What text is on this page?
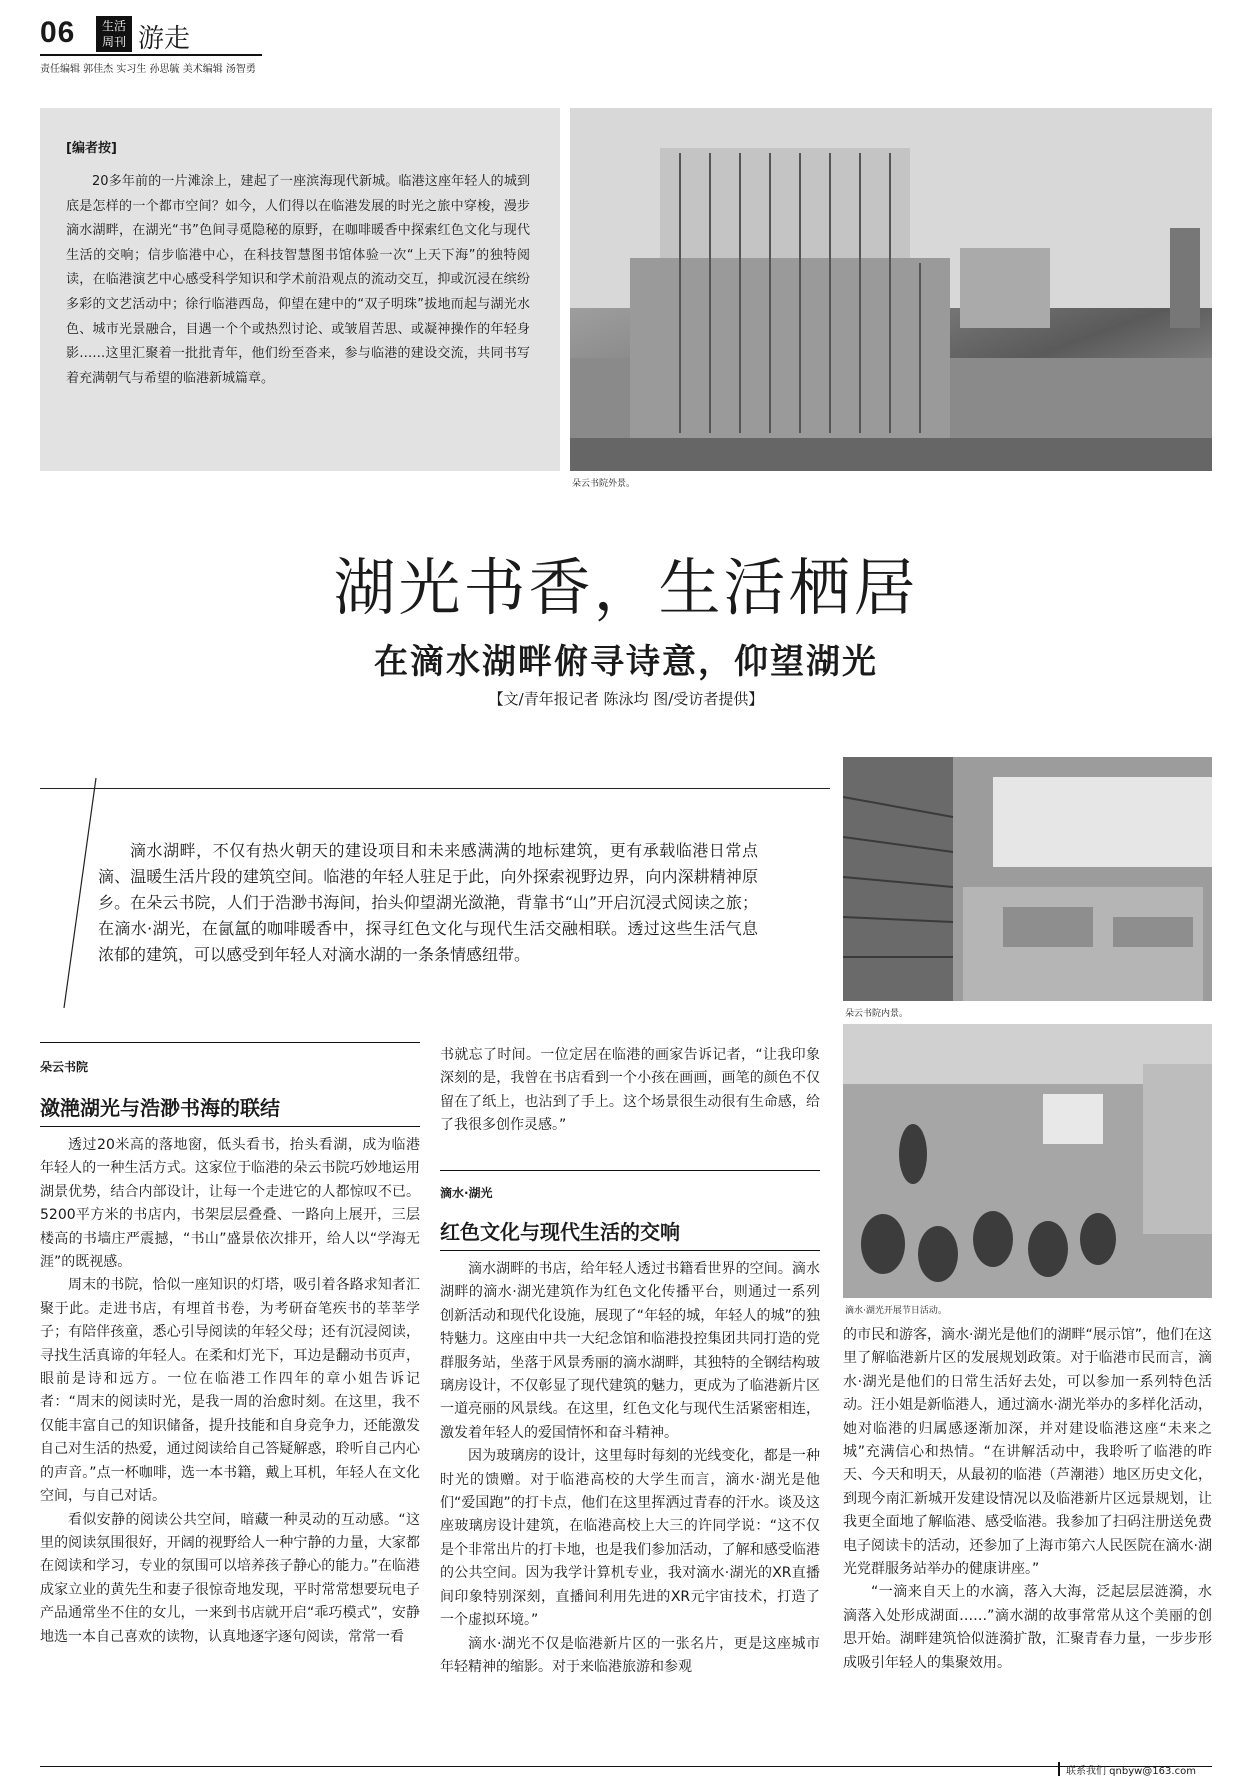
06	生活周刊 游走
责任编辑 郭佳杰 实习生 孙思毓 美术编辑 汤智勇
[编者按]
20多年前的一片滩涂上，建起了一座滨海现代新城。临港这座年轻人的城到底是怎样的一个都市空间？如今，人们得以在临港发展的时光之旅中穿梭，漫步滴水湖畔，在湖光“书”色间寻觅隐秘的原野，在咖啡暖香中探索红色文化与现代生活的交响；信步临港中心，在科技智慧图书馆体验一次“上天下海”的独特阅读，在临港演艺中心感受科学知识和学术前沿观点的流动交互，抑或沉浸在缤纷多彩的文艺活动中；徐行临港西岛，仰望在建中的“双子明珠”拔地而起与湖光水色、城市光景融合，目遇一个个或热烈讨论、或皱眉苦思、或凝神操作的年轻身影……这里汇聚着一批批青年，他们纷至沓来，参与临港的建设交流，共同书写着充满朝气与希望的临港新城篇章。
朵云书院外景。
湖光书香，生活栖居
在滴水湖畔俯寻诗意，仰望湖光
【文/青年报记者 陈泳均 图/受访者提供】
滴水湖畔，不仅有热火朝天的建设项目和未来感满满的地标建筑，更有承载临港日常点滴、温暖生活片段的建筑空间。临港的年轻人驻足于此，向外探索视野边界，向内深耕精神原乡。在朵云书院，人们于浩渺书海间，抬头仰望湖光潋滟，背靠书“山”开启沉浸式阅读之旅；在滴水·湖光，在氤氲的咖啡暖香中，探寻红色文化与现代生活交融相联。透过这些生活气息浓郁的建筑，可以感受到年轻人对滴水湖的一条条情感纽带。
朵云书院内景。
滴水·湖光开展节日活动。
朵云书院
潋滟湖光与浩渺书海的联结

透过20米高的落地窗，低头看书，抬头看湖，成为临港年轻人的一种生活方式。这家位于临港的朵云书院巧妙地运用湖景优势，结合内部设计，让每一个走进它的人都惊叹不已。5200平方米的书店内，书架层层叠叠、一路向上展开，三层楼高的书墙庄严震撼，“书山”盛景依次排开，给人以“学海无涯”的既视感。

周末的书院，恰似一座知识的灯塔，吸引着各路求知者汇聚于此。走进书店，有埋首书卷，为考研奋笔疾书的莘莘学子；有陪伴孩童，悉心引导阅读的年轻父母；还有沉浸阅读，寻找生活真谛的年轻人。在柔和灯光下，耳边是翻动书页声，眼前是诗和远方。一位在临港工作四年的章小姐告诉记者：“周末的阅读时光，是我一周的治愈时刻。在这里，我不仅能丰富自己的知识储备，提升技能和自身竞争力，还能激发自己对生活的热爱，通过阅读给自己答疑解惑，聆听自己内心的声音。”点一杯咖啡，选一本书籍，戴上耳机，年轻人在文化空间，与自己对话。

看似安静的阅读公共空间，暗藏一种灵动的互动感。“这里的阅读氛围很好，开阔的视野给人一种宁静的力量，大家都在阅读和学习，专业的氛围可以培养孩子静心的能力。”在临港成家立业的黄先生和妻子很惊奇地发现，平时常常想要玩电子产品通常坐不住的女儿，一来到书店就开启“乖巧模式”，安静地选一本自己喜欢的读物，认真地逐字逐句阅读，常常一看

书就忘了时间。一位定居在临港的画家告诉记者，“让我印象深刻的是，我曾在书店看到一个小孩在画画，画笔的颜色不仅留在了纸上，也沾到了手上。这个场景很生动很有生命感，给了我很多创作灵感。”

滴水·湖光
红色文化与现代生活的交响

滴水湖畔的书店，给年轻人透过书籍看世界的空间。滴水湖畔的滴水·湖光建筑作为红色文化传播平台，则通过一系列创新活动和现代化设施，展现了“年轻的城，年轻人的城”的独特魅力。这座由中共一大纪念馆和临港投控集团共同打造的党群服务站，坐落于风景秀丽的滴水湖畔，其独特的全钢结构玻璃房设计，不仅彰显了现代建筑的魅力，更成为了临港新片区一道亮丽的风景线。在这里，红色文化与现代生活紧密相连，激发着年轻人的爱国情怀和奋斗精神。

因为玻璃房的设计，这里每时每刻的光线变化，都是一种时光的馈赠。对于临港高校的大学生而言，滴水·湖光是他们“爱国跑”的打卡点，他们在这里挥洒过青春的汗水。谈及这座玻璃房设计建筑，在临港高校上大三的许同学说：“这不仅是个非常出片的打卡地，也是我们参加活动，了解和感受临港的公共空间。因为我学计算机专业，我对滴水·湖光的XR直播间印象特别深刻，直播间利用先进的XR元宇宙技术，打造了一个虚拟环境。”

滴水·湖光不仅是临港新片区的一张名片，更是这座城市年轻精神的缩影。对于来临港旅游和参观

的市民和游客，滴水·湖光是他们的湖畔“展示馆”，他们在这里了解临港新片区的发展规划政策。对于临港市民而言，滴水·湖光是他们的日常生活好去处，可以参加一系列特色活动。汪小姐是新临港人，通过滴水·湖光举办的多样化活动，她对临港的归属感逐渐加深，并对建设临港这座“未来之城”充满信心和热情。“在讲解活动中，我聆听了临港的昨天、今天和明天，从最初的临港（芦潮港）地区历史文化，到现今南汇新城开发建设情况以及临港新片区远景规划，让我更全面地了解临港、感受临港。我参加了扫码注册送免费电子阅读卡的活动，还参加了上海市第六人民医院在滴水·湖光党群服务站举办的健康讲座。”

“一滴来自天上的水滴，落入大海，泛起层层涟漪，水滴落入处形成湖面……”滴水湖的故事常常从这个美丽的创思开始。湖畔建筑恰似涟漪扩散，汇聚青春力量，一步步形成吸引年轻人的集聚效用。

联系我们 qnbyw@163.com
